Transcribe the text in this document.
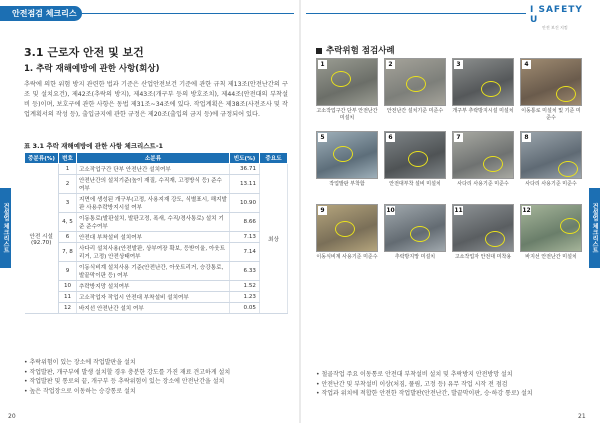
안전점검 체크리스트
I SAFETY U
안전 보건 지킴
건설업 체크리스트	건설업 체크리스트
3.1 근로자 안전 및 보건
1. 추락 재해예방에 관한 사항(회상)
추락에 의한 위험 방지 관련한 법과 기준은 산업안전보건 기준에 관한 규칙 제13조(안전난간의 구조 및 설치요건), 제42조(추락의 방지), 제43조(개구부 등의 방호조치), 제44조(안전대의 부착설비 등)이며, 보호구에 관한 사항은 동법 제31조~34조에 있다. 작업계획은 제38조(사전조사 및 작업계획서의 작성 등), 출입금지에 관한 규정은 제20조(출입의 금지 등)에 규정되어 있다.
표 3.1 추락 재해예방에 관한 사항 체크리스트-1
중분류(%)	번호	소분류	빈도(%)	중요도
안전 시설 (92.70)	1	고소작업구간 단부 안전난간 설치여부	36.71	최상
	2	안전난간의 설치기준(높이 재질, 수직재, 고정방식 등) 준수여부	13.11	
	3	지면에 생성된 개구부(고정, 사용지재 강도, 식별표시, 해지발판 사용추락방지시설 여부	10.90	
	4, 5	이동통로(발판설치, 발판고정, 폭새, 수직/경사통로) 설치 기준 준수여부	8.66	
	6	안전대 부착설비 설치여부	7.13	
	7, 8	사다리 설치사용(안전발판, 상부여장 확보, 등받이울, 아웃트리거, 고정) 안전상태여부	7.14	
	9	이동식비계 설치사용 기준(안전난간, 아웃트리거, 승강통로, 발끝막이판 등) 여부	6.33	
	10	추락방지망 설치여부	1.52	
	11	고소작업자 작업시 안전대 부착설비 설치여부	1.23	
	12	바지선 안전난간 설치 여부	0.05	
• 추락위험이 있는 장소에 작업발판을 설치
• 작업발판, 개구부에 발생 설치할 경우 충분한 강도를 가진 재료 견고하게 설치
• 작업발판 및 통로의 끝, 개구부 등 추락위험이 있는 장소에 안전난간을 설치
• 높은 작업장으로 이동하는 승강통로 설치
20
추락위험 점검사례
1
고소작업구간 단부 안전난간 미설치
2
안전난간 설치기준 미준수
3
개구부 추락방지시설 미설치
4
이동통로 미설치 및 기준 미준수
5
작업발판 부착함
6
안전대부착 설비 미설치
7
사다리 사용기준 미준수
8
사다리 사용기준 미준수
9
이동식비계 사용기준 미준수
10
추락방지망 미설치
11
고소작업자 안전대 미착용
12
바지선 안전난간 미설치
• 철골작업 주요 이동통로 안전대 부착설비 설치 및 추락방지 안전방망 설치
• 안전난간 및 부착설비 이상(처짐, 풀림, 고정 등) 유무 작업 시작 전 점검
• 작업과 위치에 적합한 안전한 작업발판(안전난간, 발끝막이판, 승·하강 통로) 설치
21
